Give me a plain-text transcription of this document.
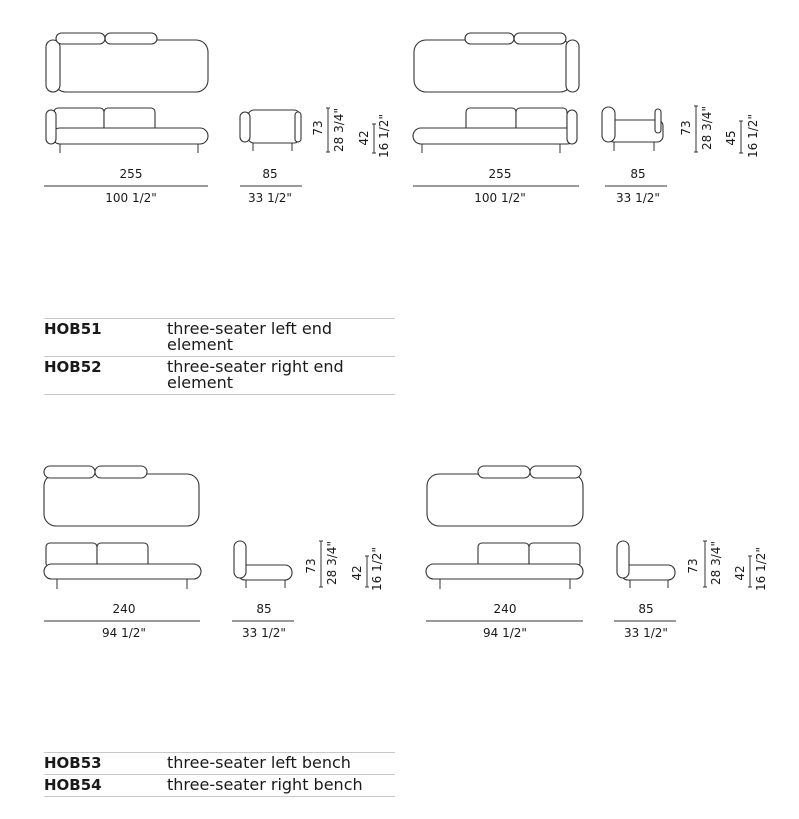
255
100 1/2"
85
33 1/2"
73 28 3/4" 42 16 1/2"
255
100 1/2"
85
33 1/2"
73 28 3/4" 45 16 1/2"
240
94 1/2"
85
33 1/2"
73 28 3/4" 42 16 1/2"
240
94 1/2"
85
33 1/2"
73 28 3/4" 42 16 1/2"
HOB51	three-seater left end element
HOB52	three-seater right end element
HOB53	three-seater left bench
HOB54	three-seater right bench
